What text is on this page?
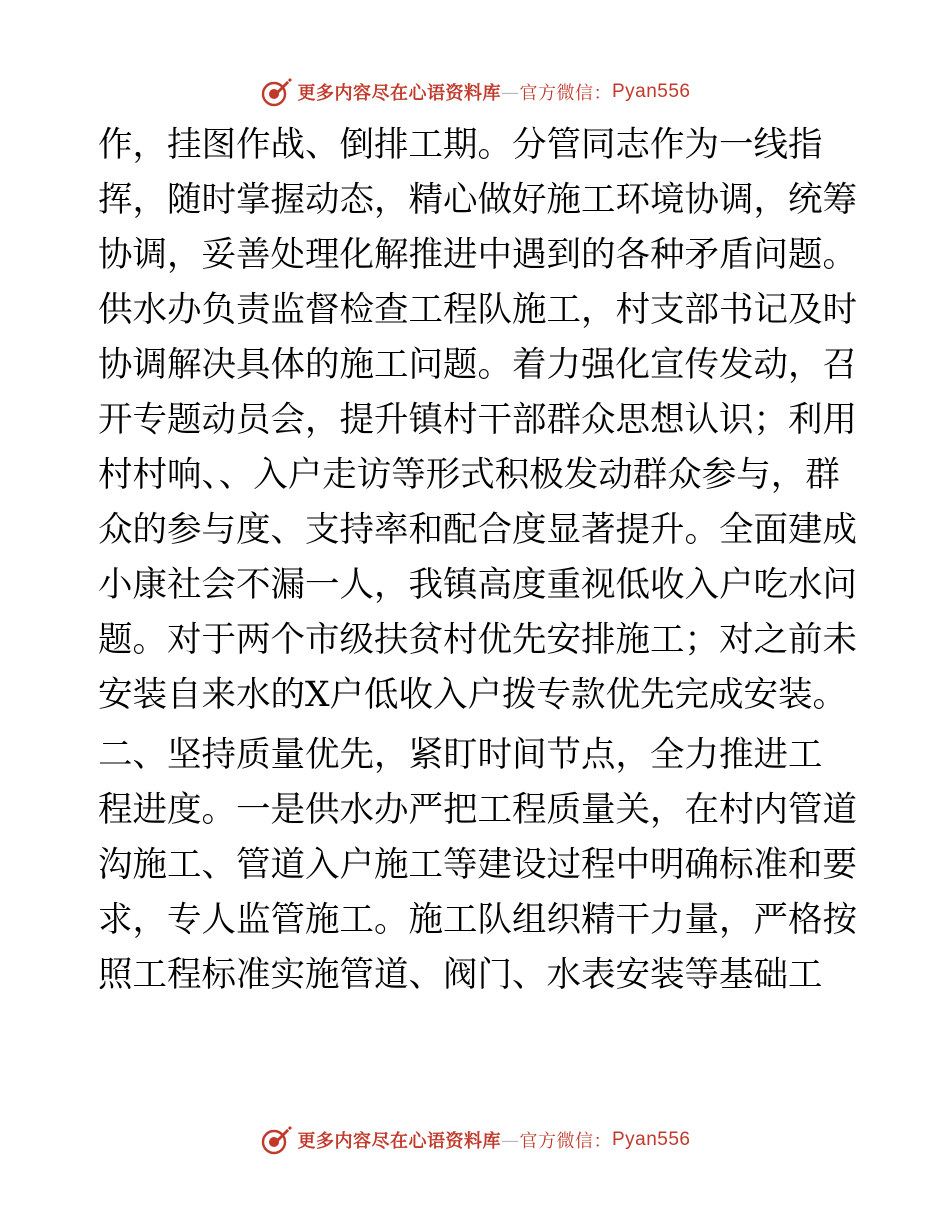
更多内容尽在心语资料库 — 官方微信： Pyan556
作，挂图作战、倒排工期。分管同志作为一线指
挥，随时掌握动态，精心做好施工环境协调，统筹
协调，妥善处理化解推进中遇到的各种矛盾问题。
供水办负责监督检查工程队施工，村支部书记及时
协调解决具体的施工问题。着力强化宣传发动，召
开专题动员会，提升镇村干部群众思想认识；利用
村村响、、入户走访等形式积极发动群众参与，群
众的参与度、支持率和配合度显著提升。全面建成
小康社会不漏一人，我镇高度重视低收入户吃水问
题。对于两个市级扶贫村优先安排施工；对之前未
安装自来水的X户低收入户拨专款优先完成安装。
二、坚持质量优先，紧盯时间节点，全力推进工
程进度。一是供水办严把工程质量关，在村内管道
沟施工、管道入户施工等建设过程中明确标准和要
求，专人监管施工。施工队组织精干力量，严格按
照工程标准实施管道、阀门、水表安装等基础工
更多内容尽在心语资料库 — 官方微信： Pyan556
